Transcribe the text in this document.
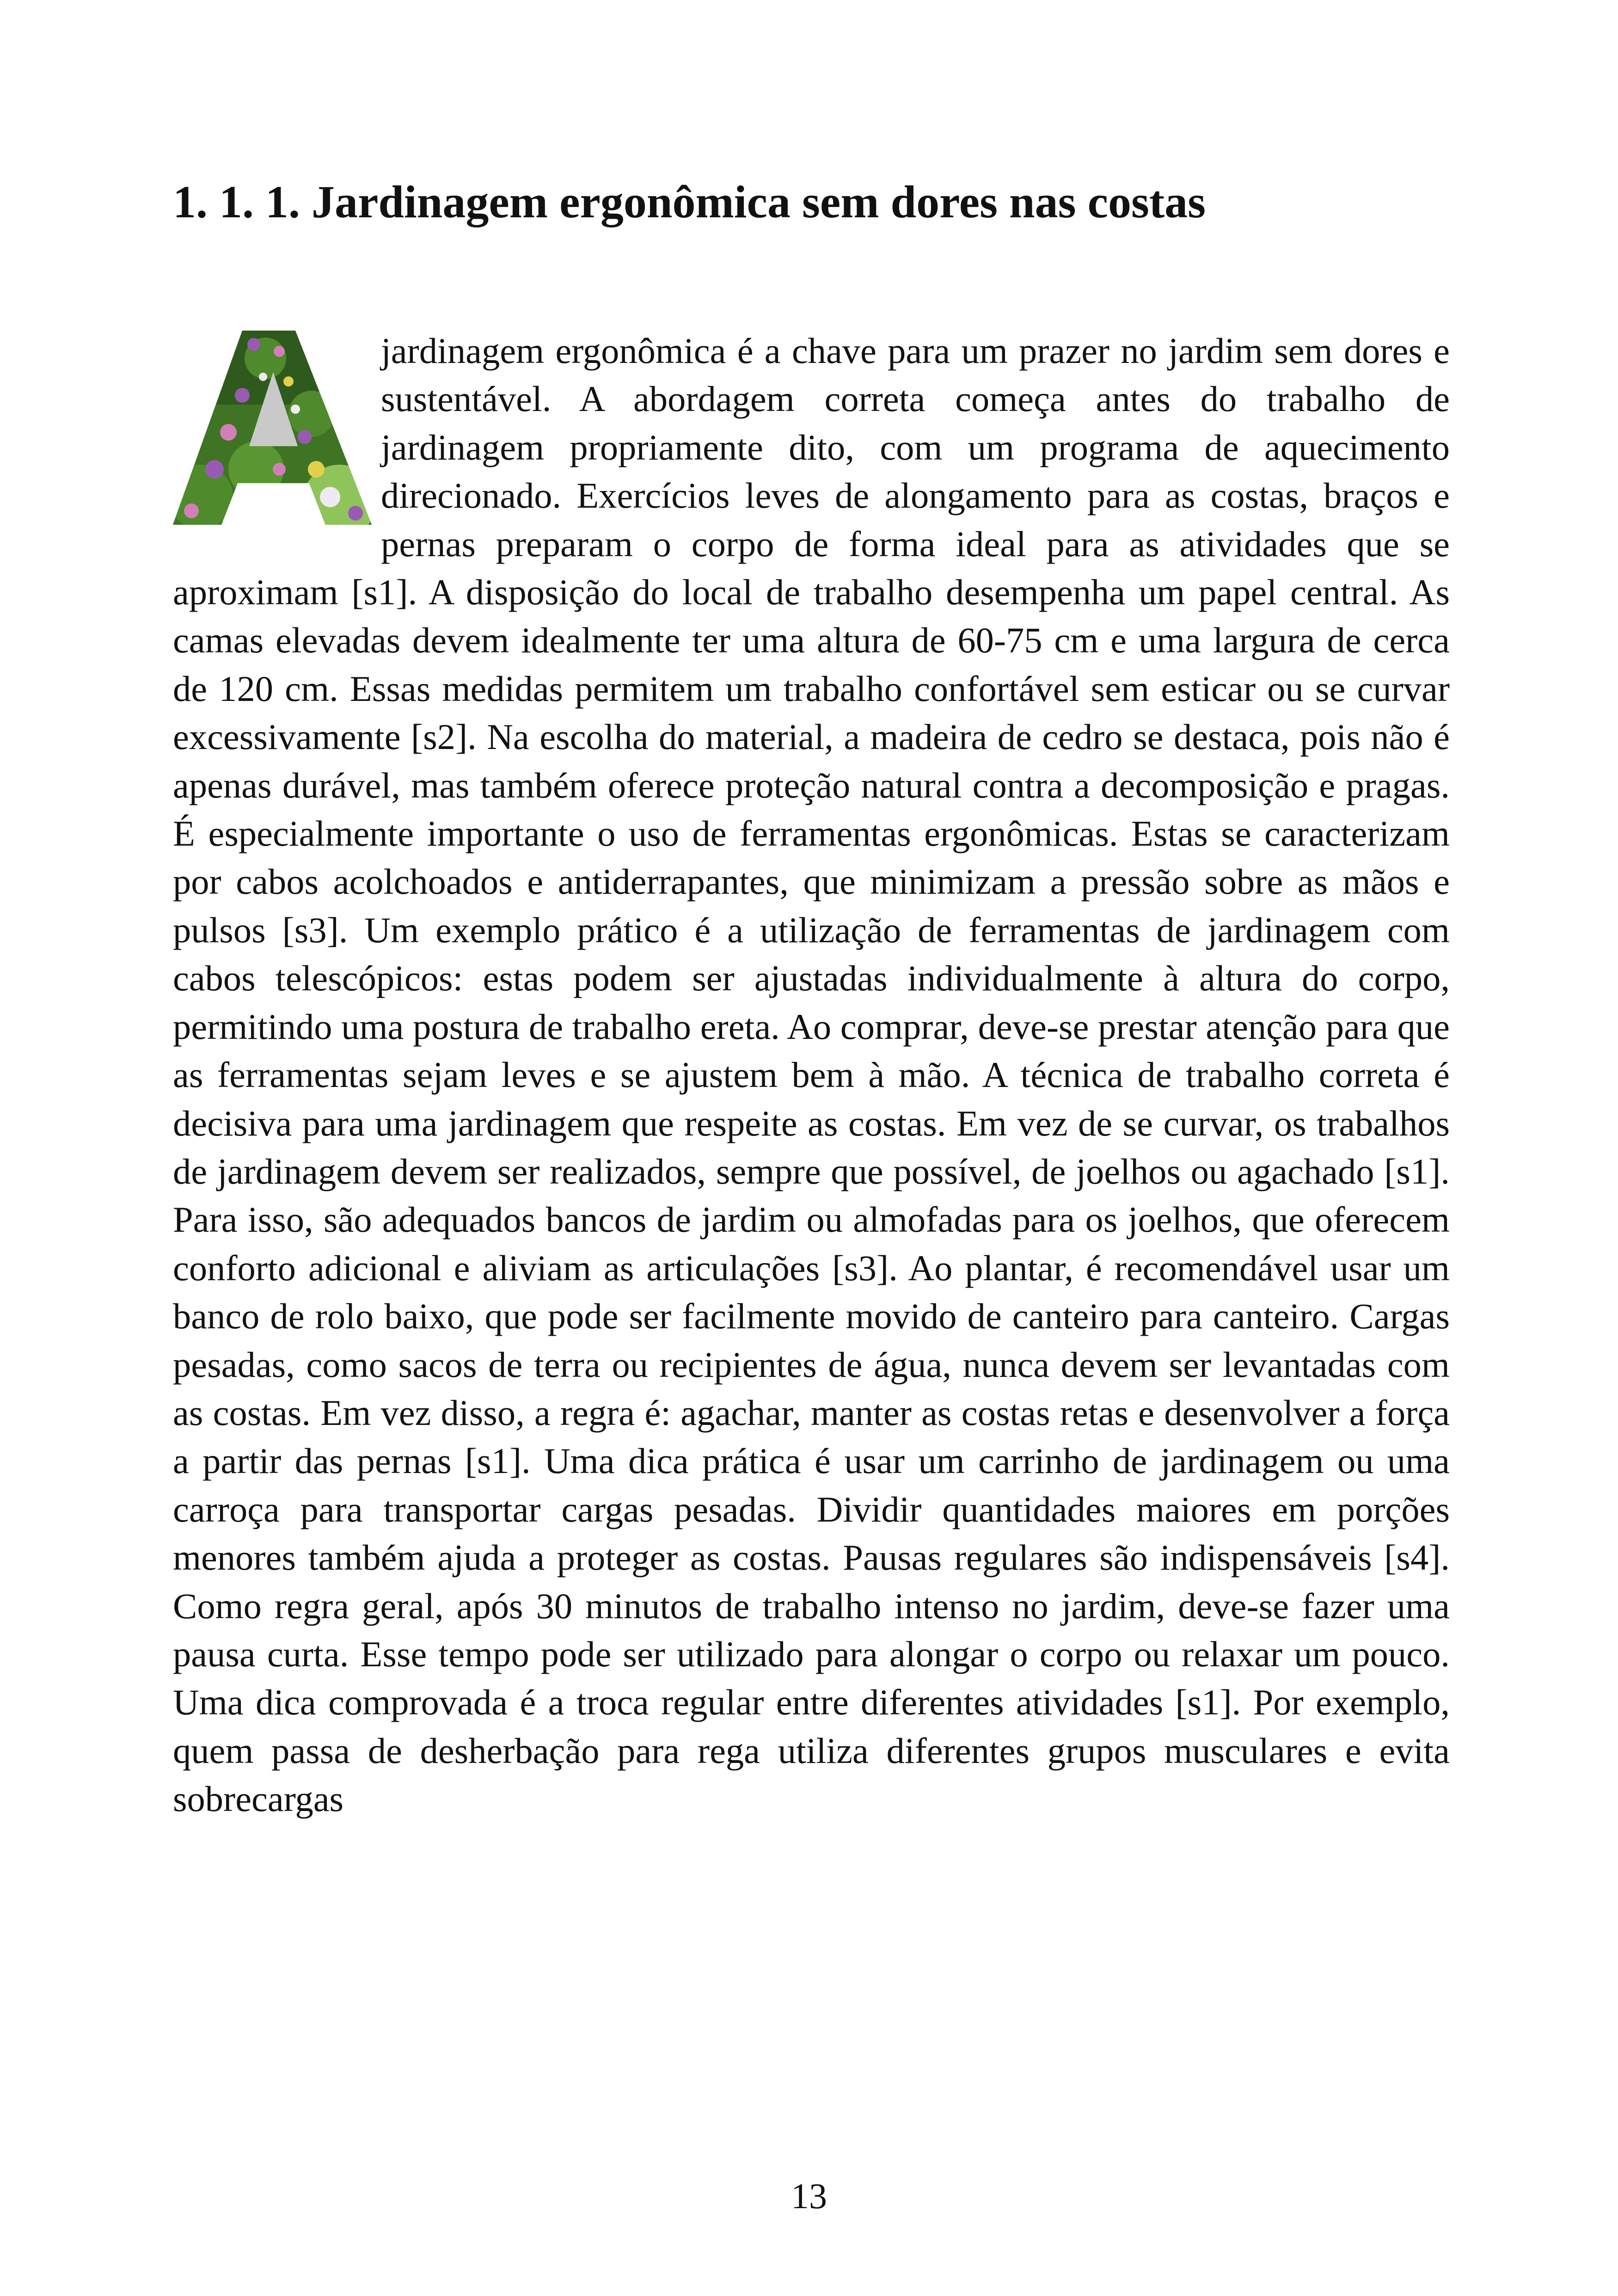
1. 1. 1. Jardinagem ergonômica sem dores nas costas
jardinagem ergonômica é a chave para um prazer no jardim sem dores e sustentável. A abordagem correta começa antes do trabalho de jardinagem propriamente dito, com um programa de aquecimento direcionado. Exercícios leves de alongamento para as costas, braços e pernas preparam o corpo de forma ideal para as atividades que se aproximam [s1]. A disposição do local de trabalho desempenha um papel central. As camas elevadas devem idealmente ter uma altura de 60-75 cm e uma largura de cerca de 120 cm. Essas medidas permitem um trabalho confortável sem esticar ou se curvar excessivamente [s2]. Na escolha do material, a madeira de cedro se destaca, pois não é apenas durável, mas também oferece proteção natural contra a decomposição e pragas. É especialmente importante o uso de ferramentas ergonômicas. Estas se caracterizam por cabos acolchoados e antiderrapantes, que minimizam a pressão sobre as mãos e pulsos [s3]. Um exemplo prático é a utilização de ferramentas de jardinagem com cabos telescópicos: estas podem ser ajustadas individualmente à altura do corpo, permitindo uma postura de trabalho ereta. Ao comprar, deve-se prestar atenção para que as ferramentas sejam leves e se ajustem bem à mão. A técnica de trabalho correta é decisiva para uma jardinagem que respeite as costas. Em vez de se curvar, os trabalhos de jardinagem devem ser realizados, sempre que possível, de joelhos ou agachado [s1]. Para isso, são adequados bancos de jardim ou almofadas para os joelhos, que oferecem conforto adicional e aliviam as articulações [s3]. Ao plantar, é recomendável usar um banco de rolo baixo, que pode ser facilmente movido de canteiro para canteiro. Cargas pesadas, como sacos de terra ou recipientes de água, nunca devem ser levantadas com as costas. Em vez disso, a regra é: agachar, manter as costas retas e desenvolver a força a partir das pernas [s1]. Uma dica prática é usar um carrinho de jardinagem ou uma carroça para transportar cargas pesadas. Dividir quantidades maiores em porções menores também ajuda a proteger as costas. Pausas regulares são indispensáveis [s4]. Como regra geral, após 30 minutos de trabalho intenso no jardim, deve-se fazer uma pausa curta. Esse tempo pode ser utilizado para alongar o corpo ou relaxar um pouco. Uma dica comprovada é a troca regular entre diferentes atividades [s1]. Por exemplo, quem passa de desherbação para rega utiliza diferentes grupos musculares e evita sobrecargas
13
